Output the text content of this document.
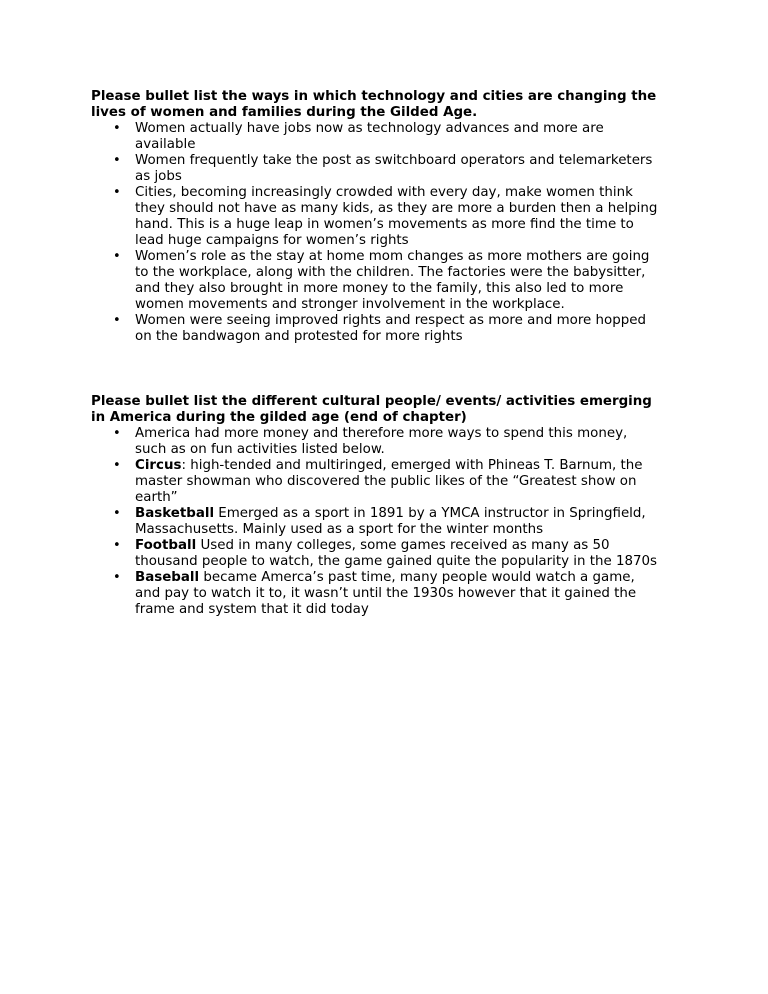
Please bullet list the ways in which technology and cities are changing the
lives of women and families during the Gilded Age.

• Women actually have jobs now as technology advances and more are
available
• Women frequently take the post as switchboard operators and telemarketers
as jobs
• Cities, becoming increasingly crowded with every day, make women think
they should not have as many kids, as they are more a burden then a helping
hand. This is a huge leap in women’s movements as more find the time to
lead huge campaigns for women’s rights
• Women’s role as the stay at home mom changes as more mothers are going
to the workplace, along with the children. The factories were the babysitter,
and they also brought in more money to the family, this also led to more
women movements and stronger involvement in the workplace.
• Women were seeing improved rights and respect as more and more hopped
on the bandwagon and protested for more rights

Please bullet list the different cultural people/ events/ activities emerging
in America during the gilded age (end of chapter)

• America had more money and therefore more ways to spend this money,
such as on fun activities listed below.
• Circus: high-tended and multiringed, emerged with Phineas T. Barnum, the
master showman who discovered the public likes of the “Greatest show on
earth”
• Basketball Emerged as a sport in 1891 by a YMCA instructor in Springfield,
Massachusetts. Mainly used as a sport for the winter months
• Football Used in many colleges, some games received as many as 50
thousand people to watch, the game gained quite the popularity in the 1870s
• Baseball became Amerca’s past time, many people would watch a game,
and pay to watch it to, it wasn’t until the 1930s however that it gained the
frame and system that it did today
